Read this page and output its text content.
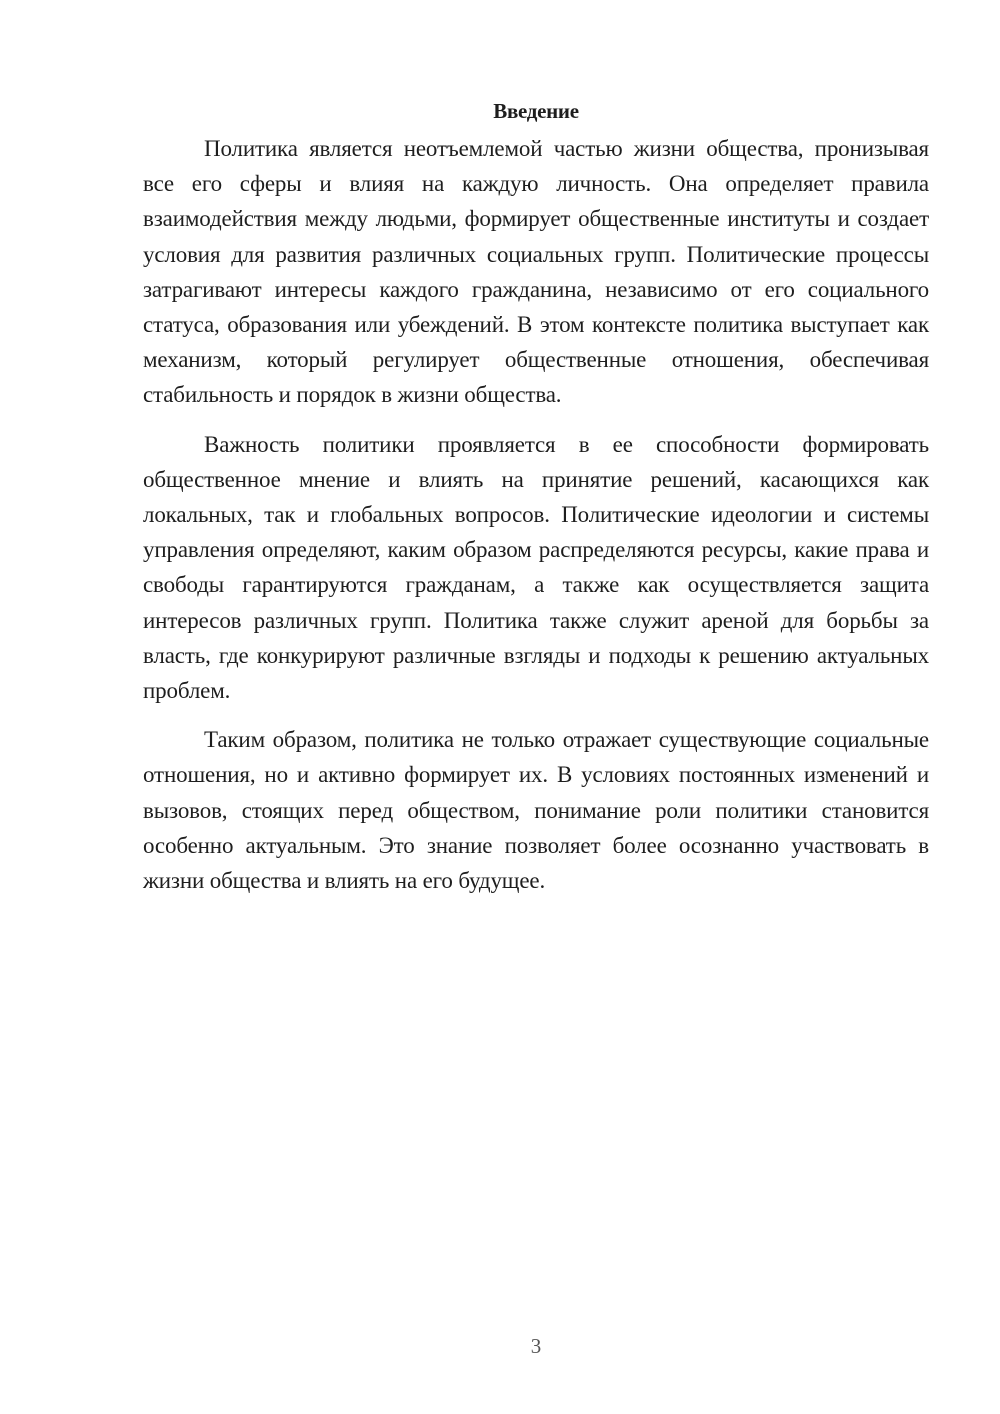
Введение

Политика является неотъемлемой частью жизни общества, пронизывая все его сферы и влияя на каждую личность. Она определяет правила взаимодействия между людьми, формирует общественные институты и создает условия для развития различных социальных групп. Политические процессы затрагивают интересы каждого гражданина, независимо от его социального статуса, образования или убеждений. В этом контексте политика выступает как механизм, который регулирует общественные отношения, обеспечивая стабильность и порядок в жизни общества.

Важность политики проявляется в ее способности формировать общественное мнение и влиять на принятие решений, касающихся как локальных, так и глобальных вопросов. Политические идеологии и системы управления определяют, каким образом распределяются ресурсы, какие права и свободы гарантируются гражданам, а также как осуществляется защита интересов различных групп. Политика также служит ареной для борьбы за власть, где конкурируют различные взгляды и подходы к решению актуальных проблем.

Таким образом, политика не только отражает существующие социальные отношения, но и активно формирует их. В условиях постоянных изменений и вызовов, стоящих перед обществом, понимание роли политики становится особенно актуальным. Это знание позволяет более осознанно участвовать в жизни общества и влиять на его будущее.

3
